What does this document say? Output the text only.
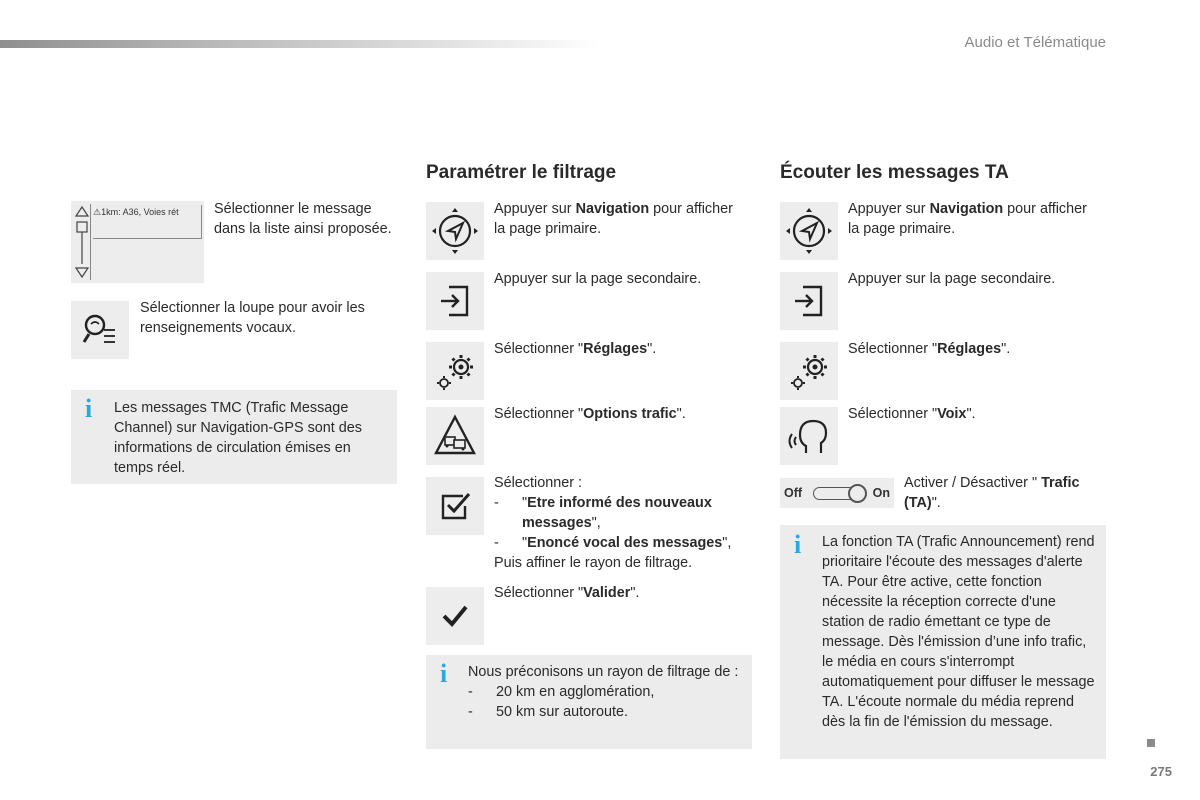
Audio et Télématique
⚠1km: A36, Voies rét Sélectionner le message dans la liste ainsi proposée.
Sélectionner la loupe pour avoir les renseignements vocaux.
i Les messages TMC (Trafic Message Channel) sur Navigation-GPS sont des informations de circulation émises en temps réel.
Paramétrer le filtrage
Appuyer sur Navigation pour afficher la page primaire.
Appuyer sur la page secondaire.
Sélectionner "Réglages".
Sélectionner "Options trafic".
Sélectionner :
-	"Etre informé des nouveaux messages",
-	"Enoncé vocal des messages",
Puis affiner le rayon de filtrage.
Sélectionner "Valider".
i Nous préconisons un rayon de filtrage de :
-	20 km en agglomération,
-	50 km sur autoroute.
Écouter les messages TA
Appuyer sur Navigation pour afficher la page primaire.
Appuyer sur la page secondaire.
Sélectionner "Réglages".
Sélectionner "Voix".
Off	On
Activer / Désactiver " Trafic (TA)".
i La fonction TA (Trafic Announcement) rend prioritaire l'écoute des messages d'alerte TA. Pour être active, cette fonction nécessite la réception correcte d'une station de radio émettant ce type de message. Dès l'émission d’une info trafic, le média en cours s'interrompt automatiquement pour diffuser le message TA. L'écoute normale du média reprend dès la fin de l'émission du message.
275
